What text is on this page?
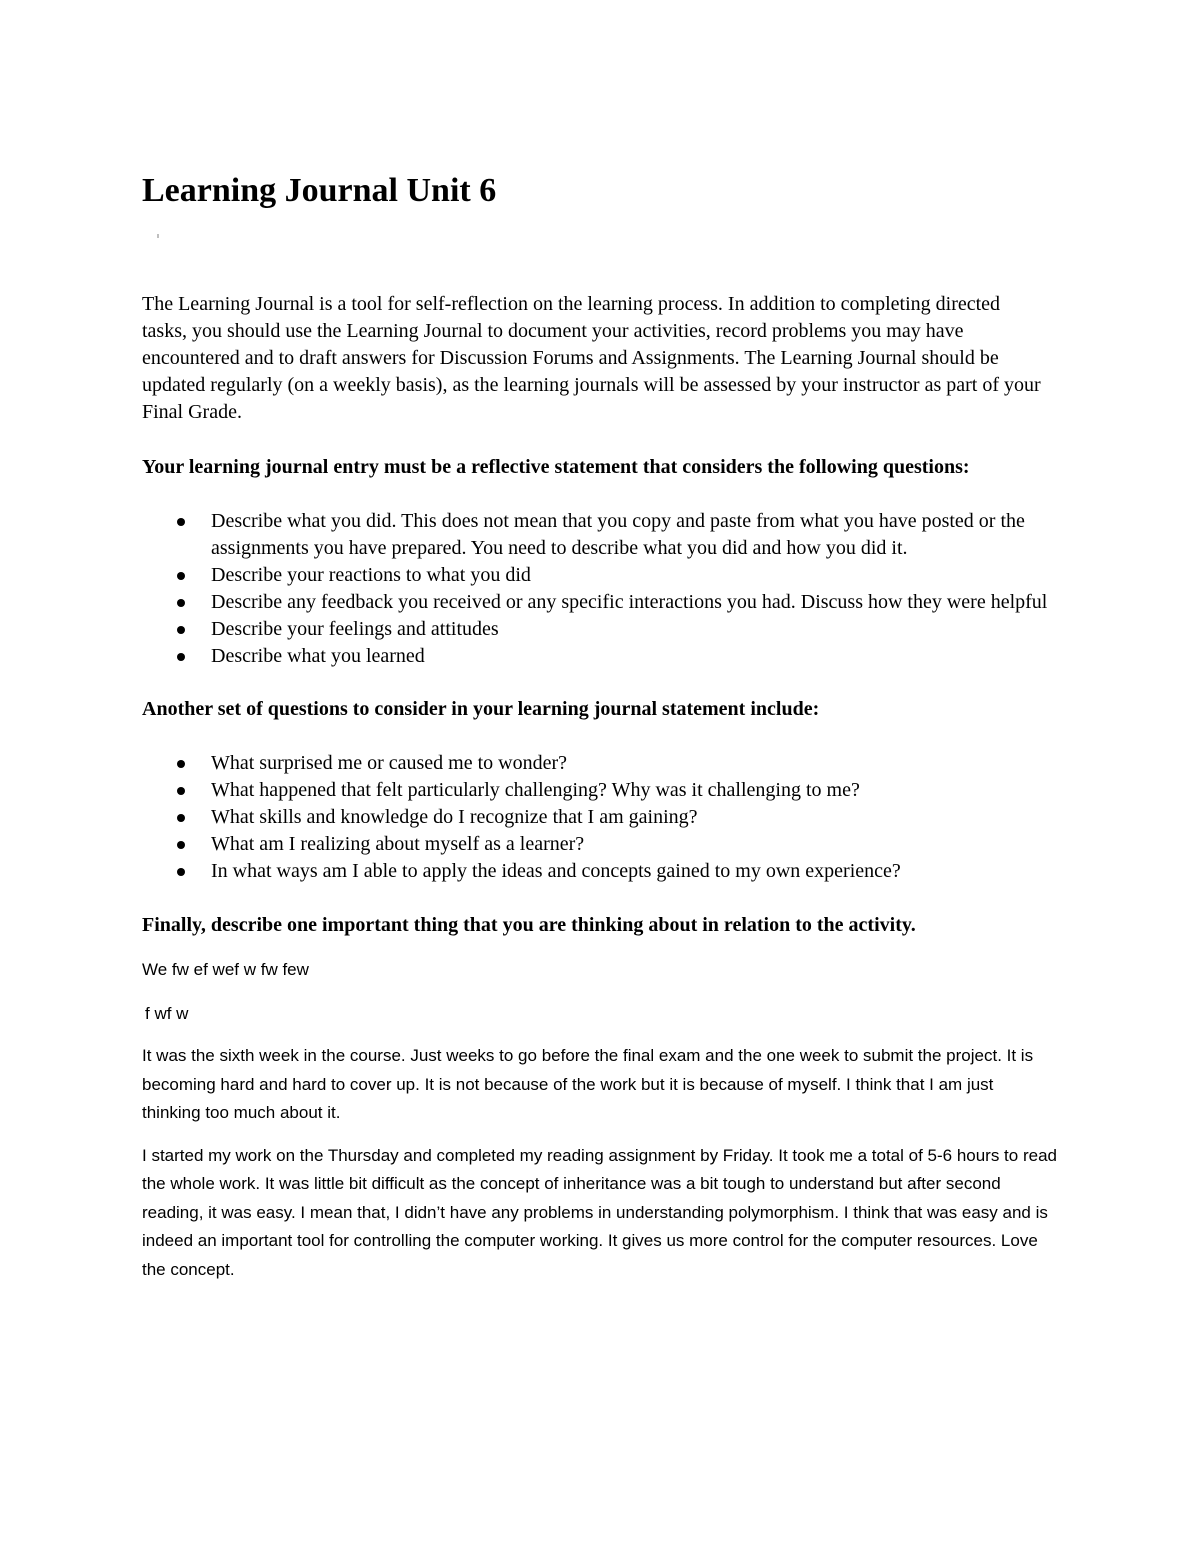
Learning Journal Unit 6

The Learning Journal is a tool for self-reflection on the learning process. In addition to completing directed tasks, you should use the Learning Journal to document your activities, record problems you may have encountered and to draft answers for Discussion Forums and Assignments. The Learning Journal should be updated regularly (on a weekly basis), as the learning journals will be assessed by your instructor as part of your Final Grade.

Your learning journal entry must be a reflective statement that considers the following questions:

Describe what you did. This does not mean that you copy and paste from what you have posted or the assignments you have prepared. You need to describe what you did and how you did it.
Describe your reactions to what you did
Describe any feedback you received or any specific interactions you had. Discuss how they were helpful
Describe your feelings and attitudes
Describe what you learned

Another set of questions to consider in your learning journal statement include:

What surprised me or caused me to wonder?
What happened that felt particularly challenging? Why was it challenging to me?
What skills and knowledge do I recognize that I am gaining?
What am I realizing about myself as a learner?
In what ways am I able to apply the ideas and concepts gained to my own experience?

Finally, describe one important thing that you are thinking about in relation to the activity.

We fw ef wef w fw few

f wf w

It was the sixth week in the course. Just weeks to go before the final exam and the one week to submit the project. It is becoming hard and hard to cover up. It is not because of the work but it is because of myself. I think that I am just thinking too much about it.

I started my work on the Thursday and completed my reading assignment by Friday. It took me a total of 5-6 hours to read the whole work. It was little bit difficult as the concept of inheritance was a bit tough to understand but after second reading, it was easy. I mean that, I didn’t have any problems in understanding polymorphism. I think that was easy and is indeed an important tool for controlling the computer working. It gives us more control for the computer resources. Love the concept.
